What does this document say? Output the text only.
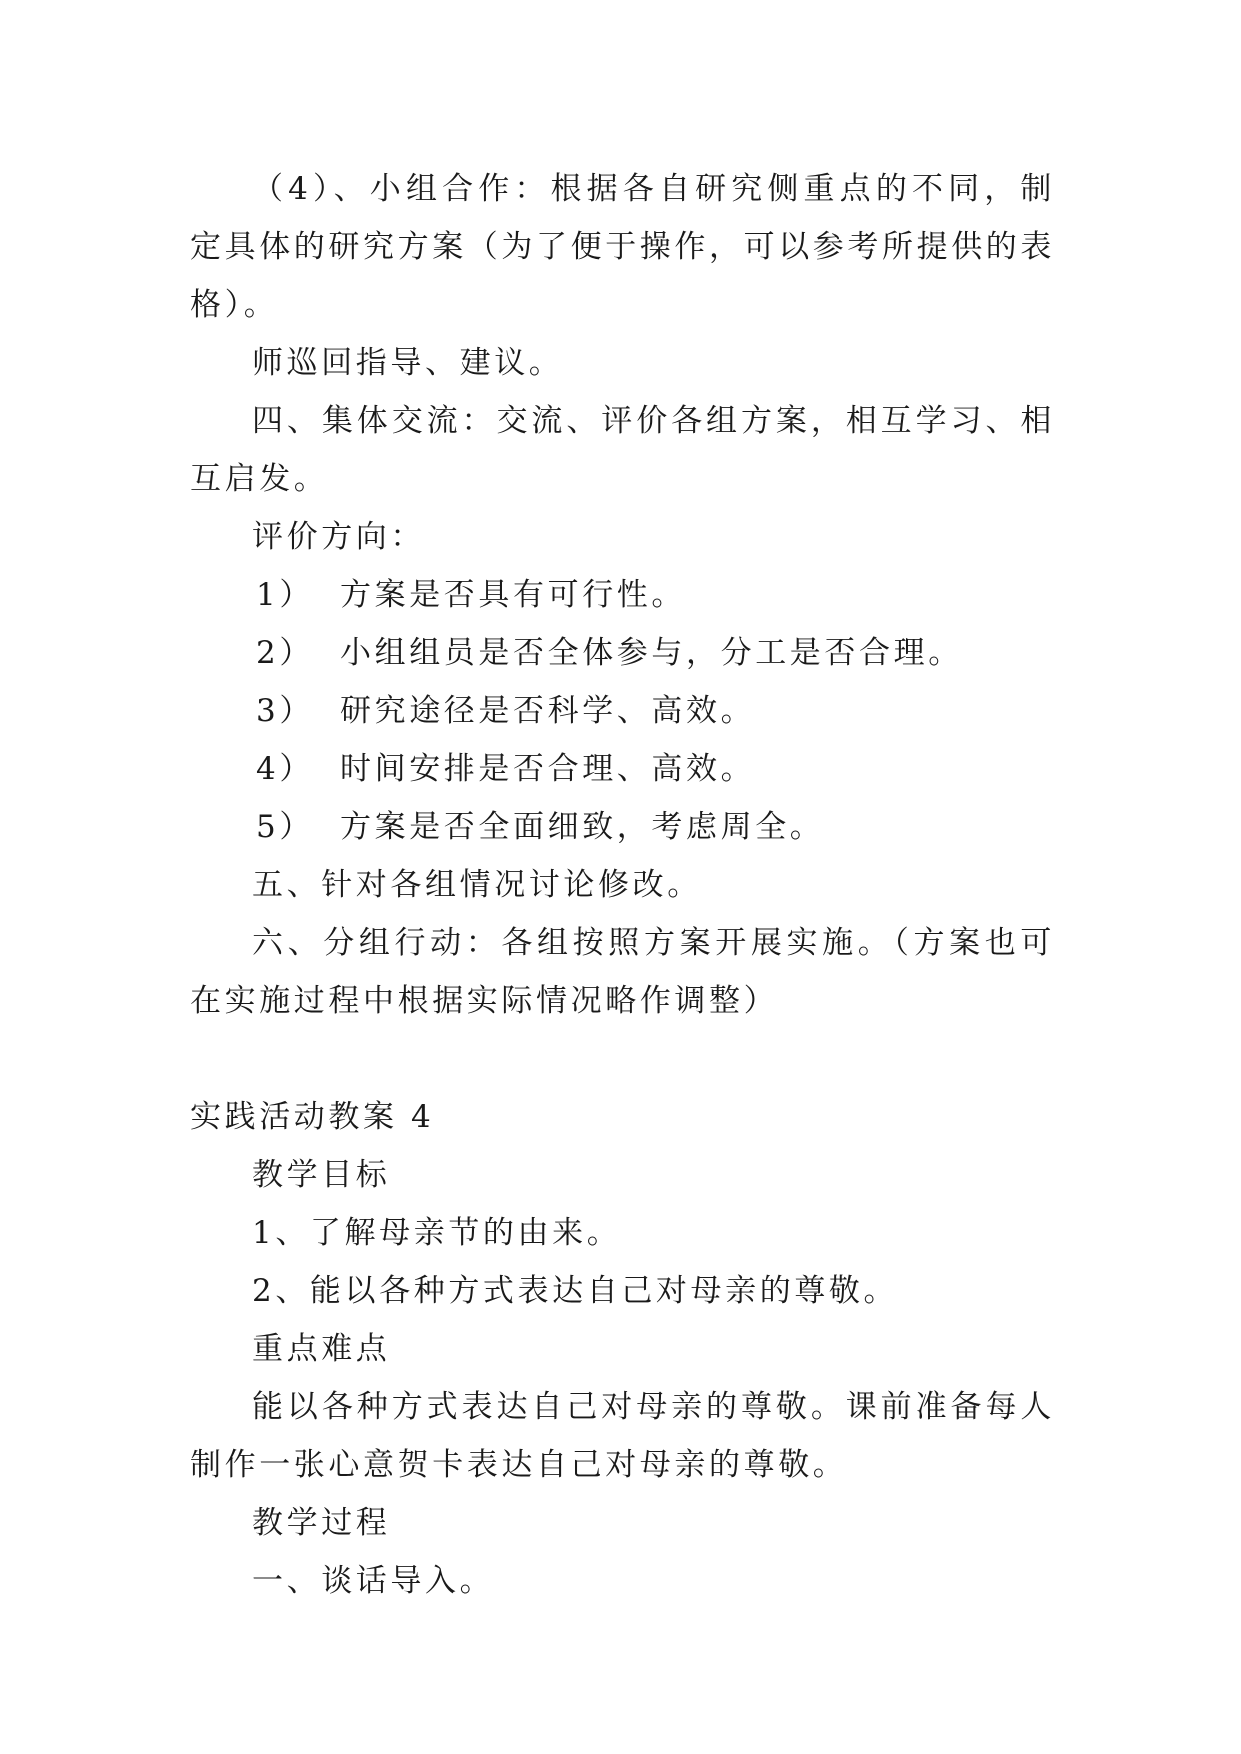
（4）、小组合作：根据各自研究侧重点的不同，制定具体的研究方案（为了便于操作，可以参考所提供的表格）。

师巡回指导、建议。

四、集体交流：交流、评价各组方案，相互学习、相互启发。

评价方向：

1） 方案是否具有可行性。

2） 小组组员是否全体参与，分工是否合理。

3） 研究途径是否科学、高效。

4） 时间安排是否合理、高效。

5） 方案是否全面细致，考虑周全。

五、针对各组情况讨论修改。

六、分组行动：各组按照方案开展实施。（方案也可在实施过程中根据实际情况略作调整）

实践活动教案 4

教学目标

1、了解母亲节的由来。

2、能以各种方式表达自己对母亲的尊敬。

重点难点

能以各种方式表达自己对母亲的尊敬。课前准备每人制作一张心意贺卡表达自己对母亲的尊敬。

教学过程

一、谈话导入。
